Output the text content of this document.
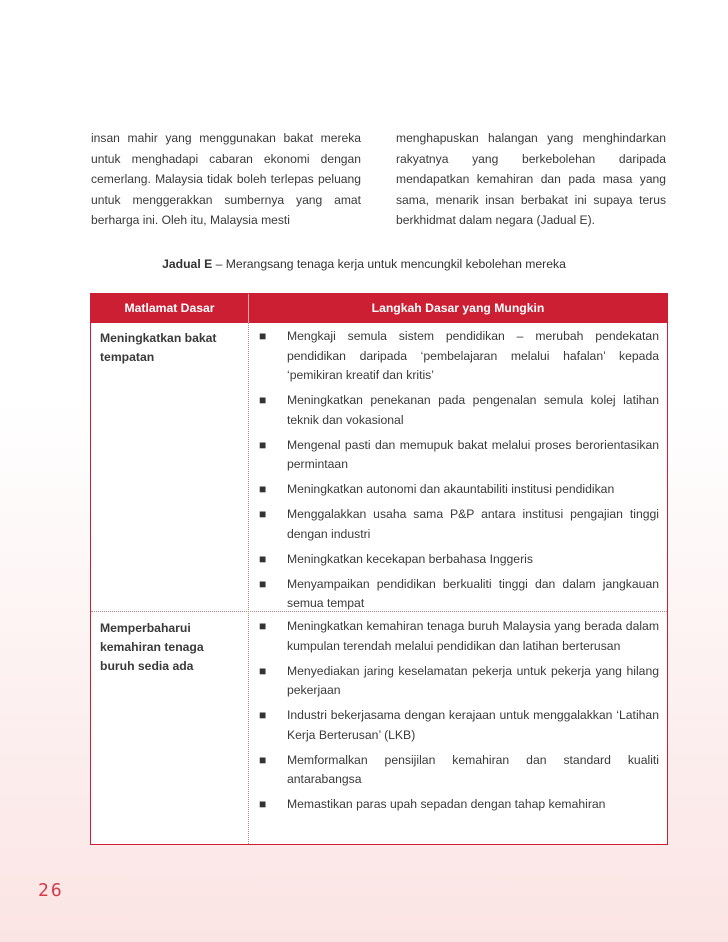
insan mahir yang menggunakan bakat mereka untuk menghadapi cabaran ekonomi dengan cemerlang. Malaysia tidak boleh terlepas peluang untuk menggerakkan sumbernya yang amat berharga ini. Oleh itu, Malaysia mesti

menghapuskan halangan yang menghindarkan rakyatnya yang berkebolehan daripada mendapatkan kemahiran dan pada masa yang sama, menarik insan berbakat ini supaya terus berkhidmat dalam negara (Jadual E).

Jadual E – Merangsang tenaga kerja untuk mencungkil kebolehan mereka
Matlamat Dasar	Langkah Dasar yang Mungkin
Meningkatkan bakat tempatan
■ Mengkaji semula sistem pendidikan – merubah pendekatan pendidikan daripada ‘pembelajaran melalui hafalan’ kepada ‘pemikiran kreatif dan kritis’
■ Meningkatkan penekanan pada pengenalan semula kolej latihan teknik dan vokasional
■ Mengenal pasti dan memupuk bakat melalui proses berorientasikan permintaan
■ Meningkatkan autonomi dan akauntabiliti institusi pendidikan
■ Menggalakkan usaha sama P&P antara institusi pengajian tinggi dengan industri
■ Meningkatkan kecekapan berbahasa Inggeris
■ Menyampaikan pendidikan berkualiti tinggi dan dalam jangkauan semua tempat
Memperbaharui kemahiran tenaga buruh sedia ada
■ Meningkatkan kemahiran tenaga buruh Malaysia yang berada dalam kumpulan terendah melalui pendidikan dan latihan berterusan
■ Menyediakan jaring keselamatan pekerja untuk pekerja yang hilang pekerjaan
■ Industri bekerjasama dengan kerajaan untuk menggalakkan ‘Latihan Kerja Berterusan’ (LKB)
■ Memformalkan pensijilan kemahiran dan standard kualiti antarabangsa
■ Memastikan paras upah sepadan dengan tahap kemahiran
26
